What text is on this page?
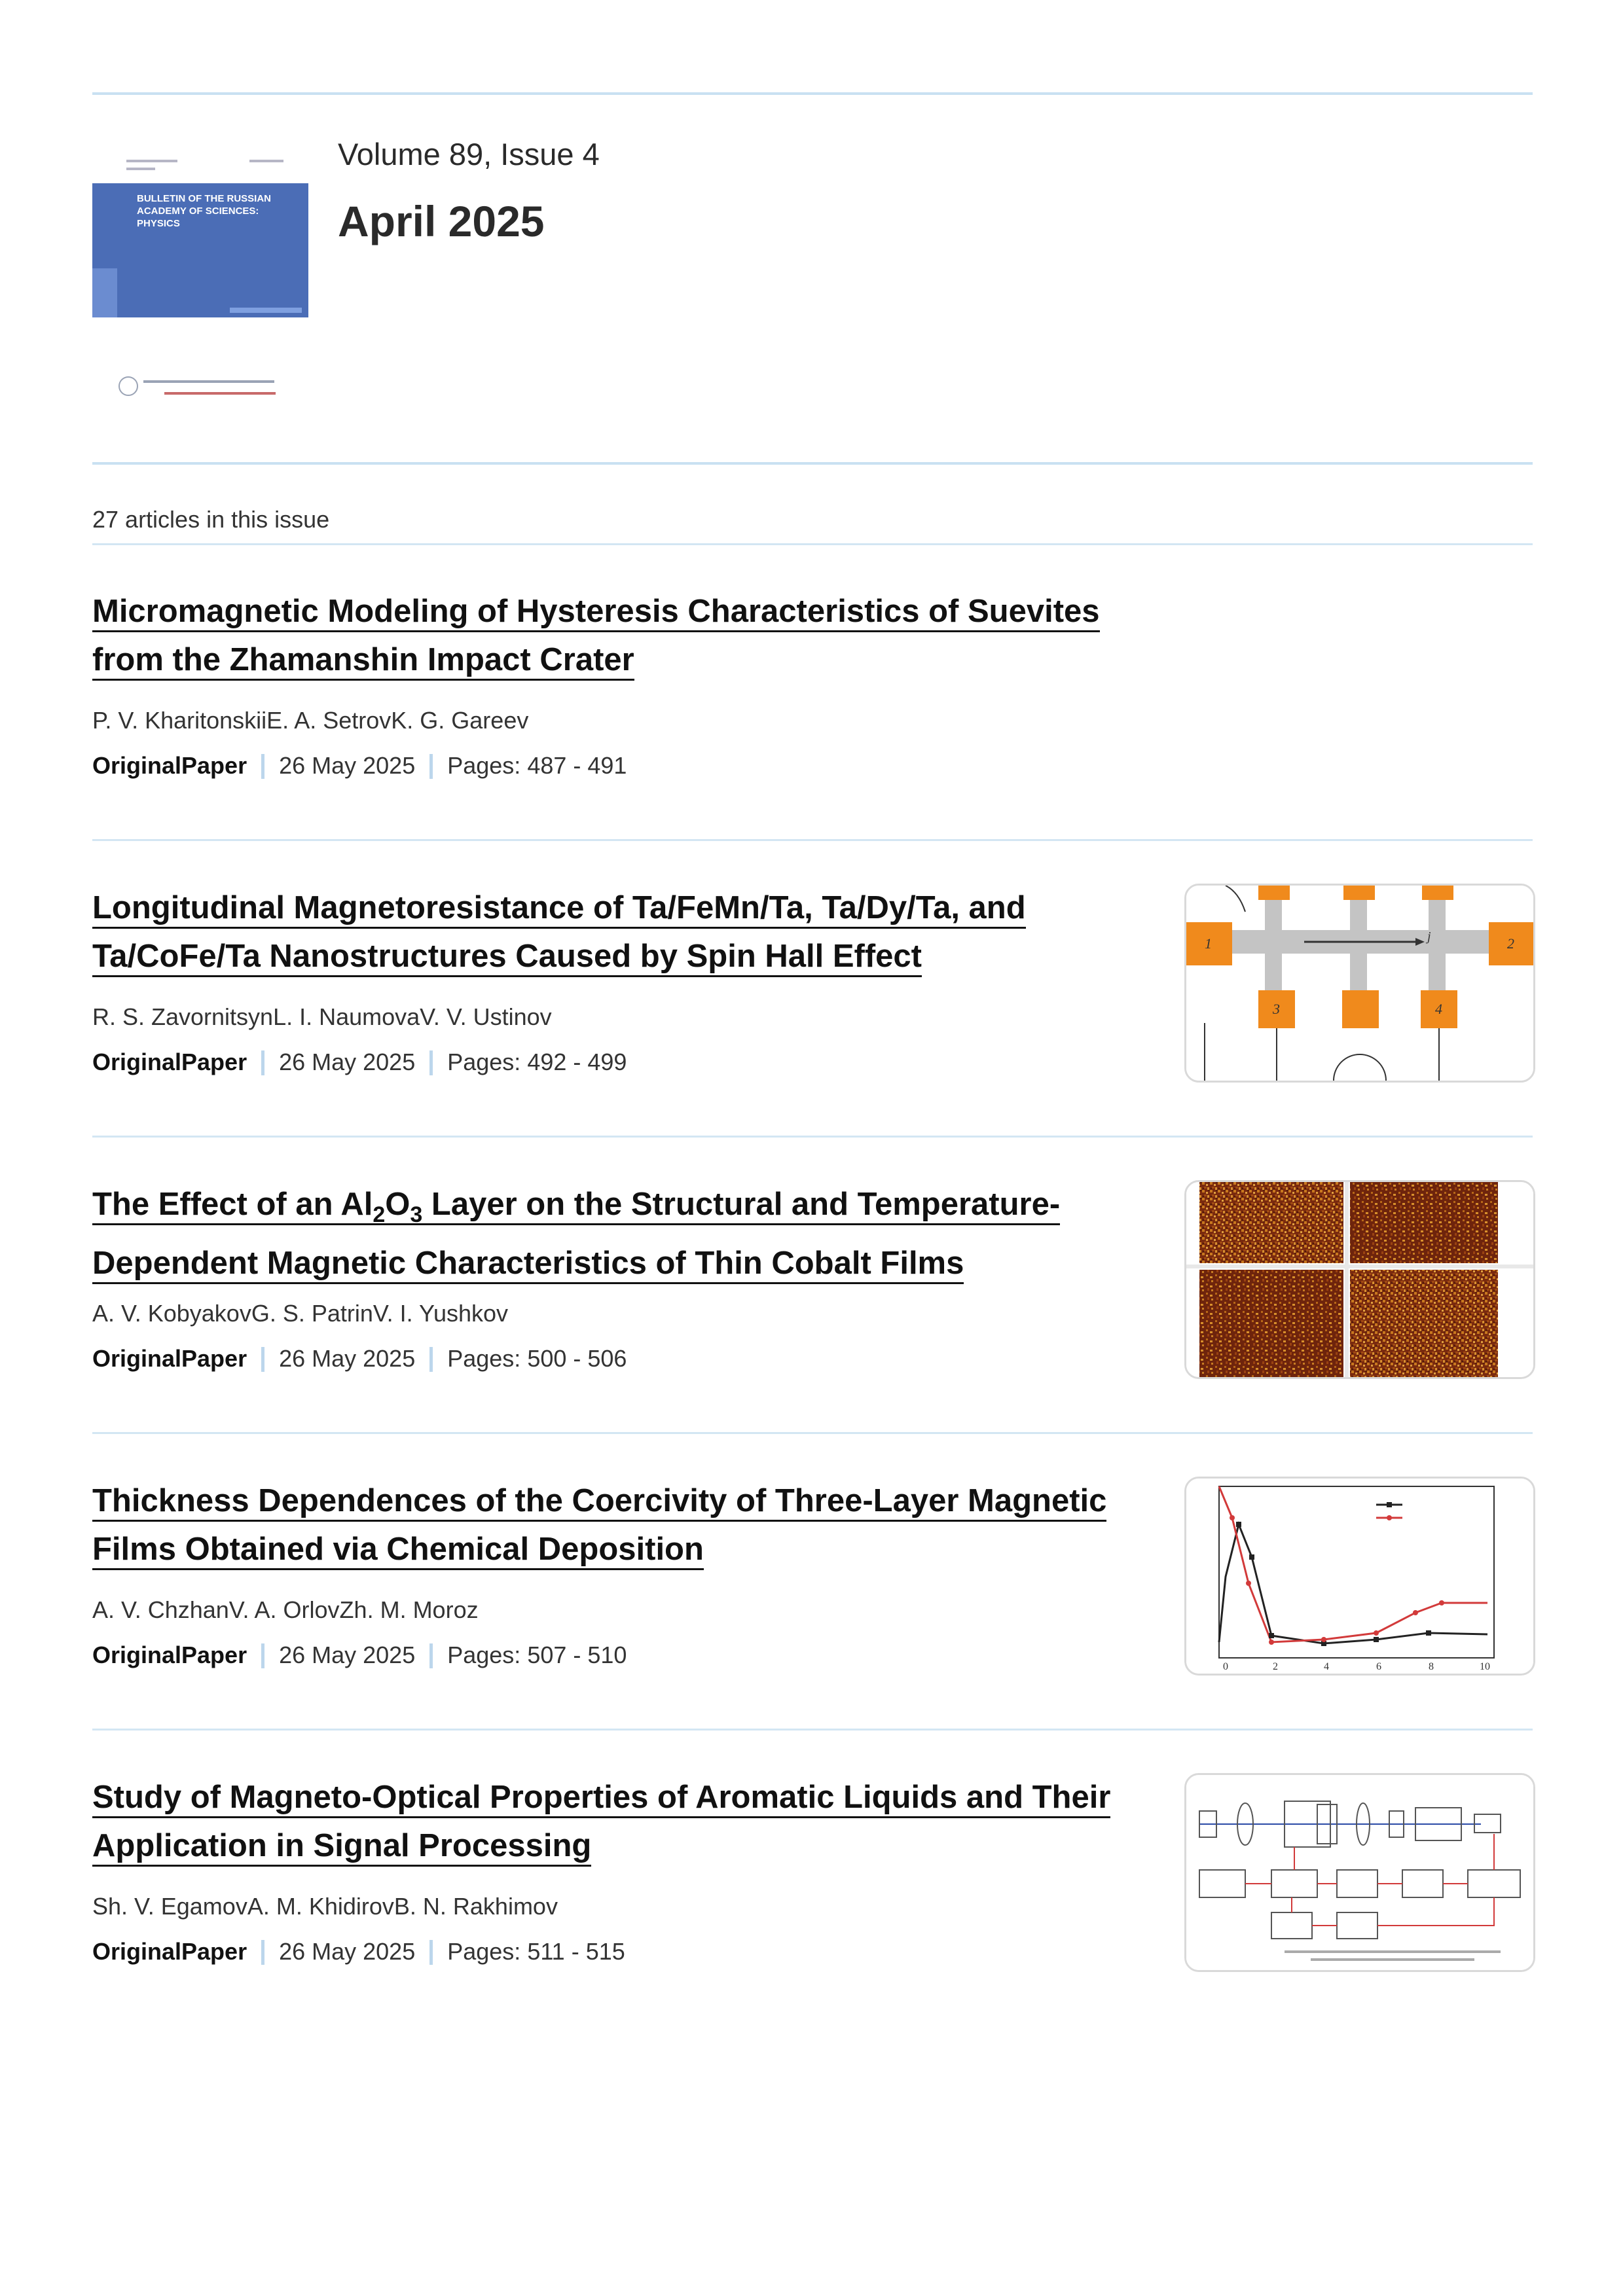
BULLETIN OF THE RUSSIAN ACADEMY OF SCIENCES: PHYSICS
Volume 89, Issue 4
April 2025
27 articles in this issue
Micromagnetic Modeling of Hysteresis Characteristics of Suevites
from the Zhamanshin Impact Crater
P. V. KharitonskiiE. A. SetrovK. G. Gareev
OriginalPaper 26 May 2025 Pages: 487 - 491
Longitudinal Magnetoresistance of Ta/FeMn/Ta, Ta/Dy/Ta, and
Ta/CoFe/Ta Nanostructures Caused by Spin Hall Effect
R. S. ZavornitsynL. I. NaumovaV. V. Ustinov
OriginalPaper 26 May 2025 Pages: 492 - 499
j
1	2
3	4
The Effect of an $Al_2O_3$ Layer on the Structural and Temperature-
Dependent Magnetic Characteristics of Thin Cobalt Films
A. V. KobyakovG. S. PatrinV. I. Yushkov
OriginalPaper 26 May 2025 Pages: 500 - 506
Thickness Dependences of the Coercivity of Three-Layer Magnetic
Films Obtained via Chemical Deposition
A. V. ChzhanV. A. OrlovZh. M. Moroz
OriginalPaper 26 May 2025 Pages: 507 - 510	0	2	4	6	8	10
Study of Magneto-Optical Properties of Aromatic Liquids and Their
Application in Signal Processing
Sh. V. EgamovA. M. KhidirovB. N. Rakhimov
OriginalPaper 26 May 2025 Pages: 511 - 515
